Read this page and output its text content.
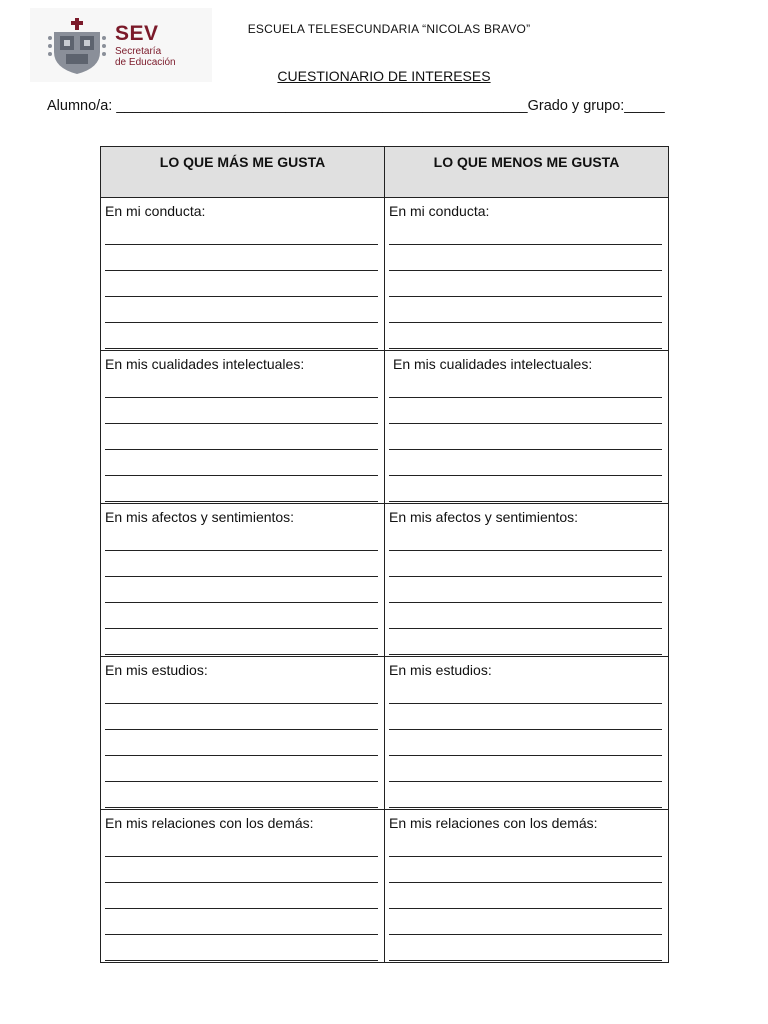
SEV
Secretaría
de Educación
ESCUELA TELESECUNDARIA “NICOLAS BRAVO”
CUESTIONARIO DE INTERESES
Alumno/a: ___________________________________________________Grado y grupo:_____
LO QUE MÁS ME GUSTA	LO QUE MENOS ME GUSTA

En mi conducta:	En mi conducta:

En mis cualidades intelectuales:	En mis cualidades intelectuales:

En mis afectos y sentimientos:	En mis afectos y sentimientos:

En mis estudios:	En mis estudios:

En mis relaciones con los demás:	En mis relaciones con los demás:
